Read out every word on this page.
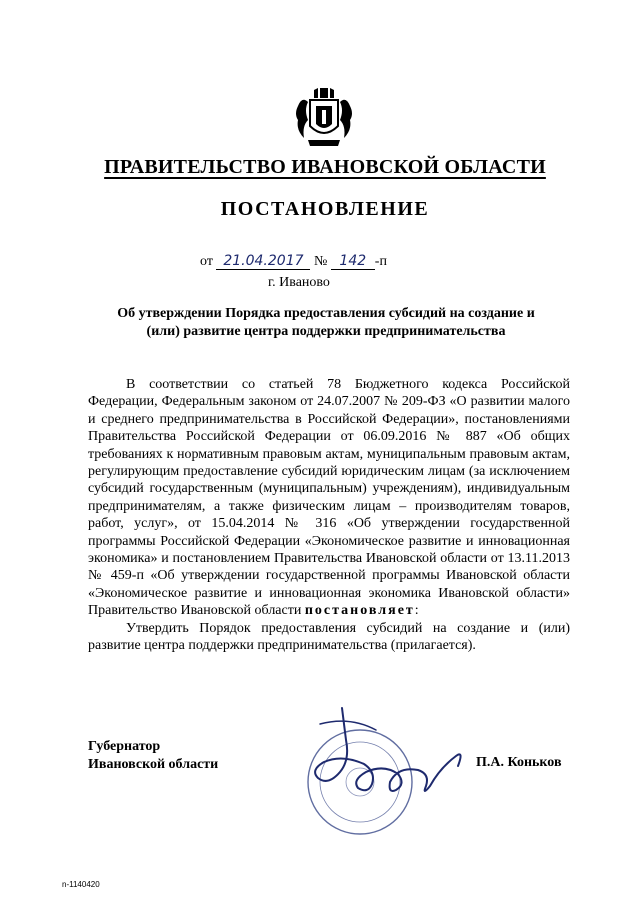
ПРАВИТЕЛЬСТВО ИВАНОВСКОЙ ОБЛАСТИ
ПОСТАНОВЛЕНИЕ
от 21.04.2017 № 142 -п
г. Иваново
Об утверждении Порядка предоставления субсидий на создание и (или) развитие центра поддержки предпринимательства

В соответствии со статьей 78 Бюджетного кодекса Российской Федерации, Федеральным законом от 24.07.2007 № 209-ФЗ «О развитии малого и среднего предпринимательства в Российской Федерации», постановлениями Правительства Российской Федерации от 06.09.2016 № 887 «Об общих требованиях к нормативным правовым актам, муниципальным правовым актам, регулирующим предоставление субсидий юридическим лицам (за исключением субсидий государственным (муниципальным) учреждениям), индивидуальным предпринимателям, а также физическим лицам – производителям товаров, работ, услуг», от 15.04.2014 № 316 «Об утверждении государственной программы Российской Федерации «Экономическое развитие и инновационная экономика» и постановлением Правительства Ивановской области от 13.11.2013 № 459-п «Об утверждении государственной программы Ивановской области «Экономическое развитие и инновационная экономика Ивановской области» Правительство Ивановской области постановляет:

Утвердить Порядок предоставления субсидий на создание и (или) развитие центра поддержки предпринимательства (прилагается).

Губернатор
Ивановской области	П.А. Коньков
n-1140420
